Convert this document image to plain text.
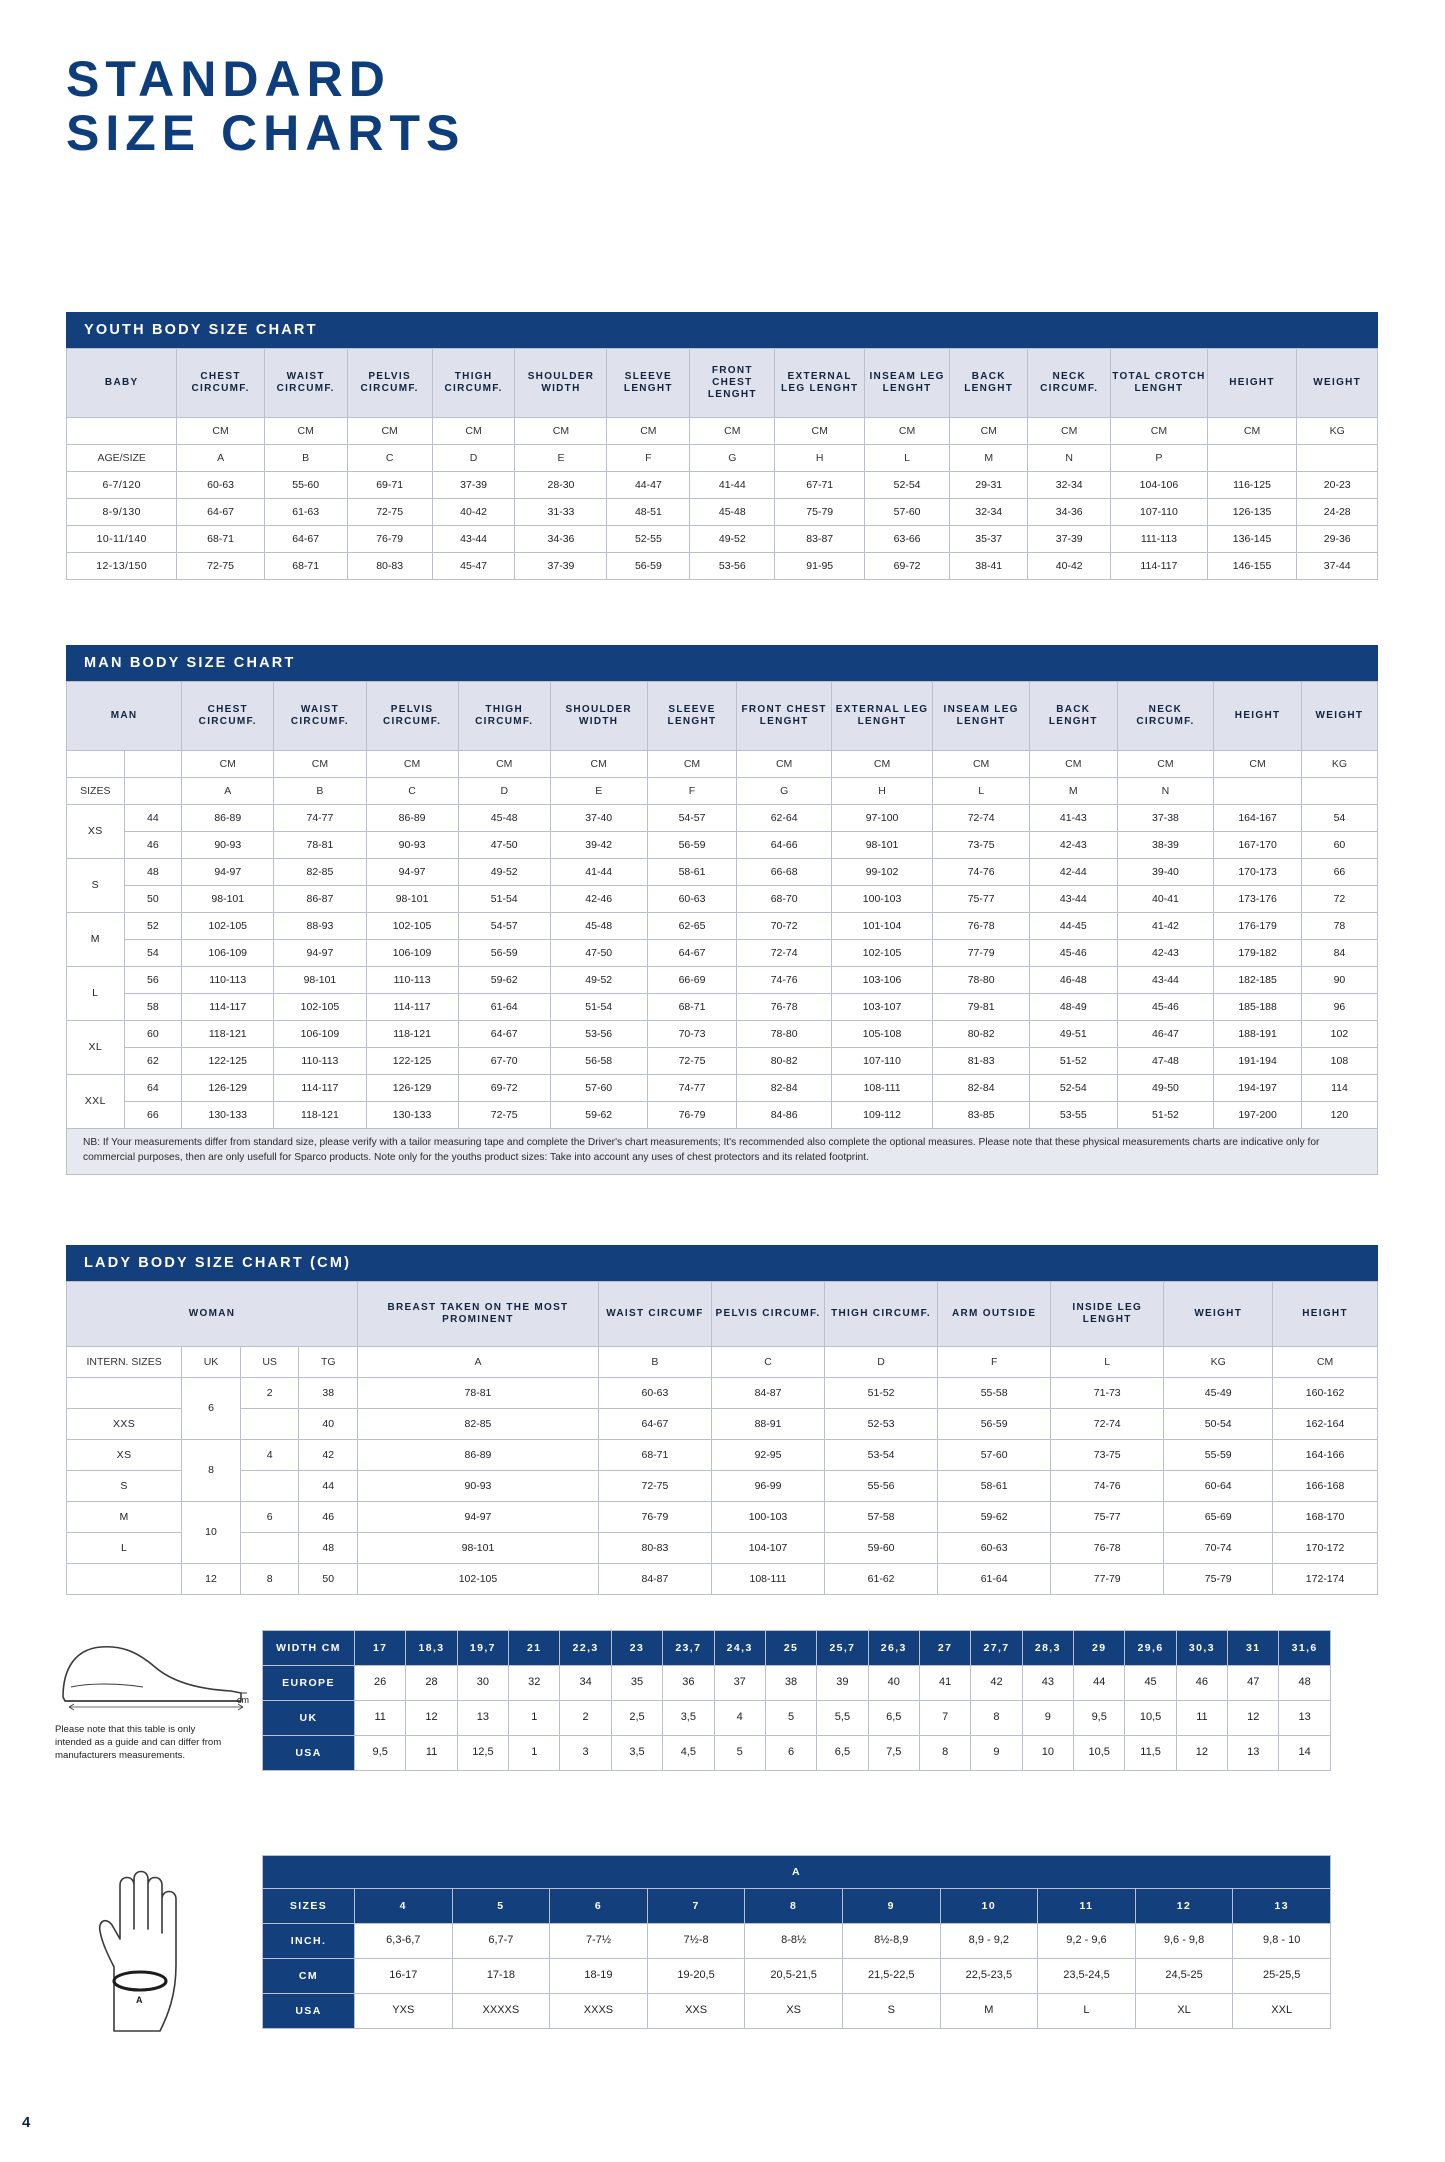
STANDARD
SIZE CHARTS
YOUTH BODY SIZE CHART
BABY	CHEST CIRCUMF.	WAIST CIRCUMF.	PELVIS CIRCUMF.	THIGH CIRCUMF.	SHOULDER WIDTH	SLEEVE LENGHT	FRONT CHEST LENGHT	EXTERNAL LEG LENGHT	INSEAM LEG LENGHT	BACK LENGHT	NECK CIRCUMF.	TOTAL CROTCH LENGHT	HEIGHT	WEIGHT
	CM	CM	CM	CM	CM	CM	CM	CM	CM	CM	CM	CM	CM	KG
AGE/SIZE	A	B	C	D	E	F	G	H	L	M	N	P		
6-7/120	60-63	55-60	69-71	37-39	28-30	44-47	41-44	67-71	52-54	29-31	32-34	104-106	116-125	20-23
8-9/130	64-67	61-63	72-75	40-42	31-33	48-51	45-48	75-79	57-60	32-34	34-36	107-110	126-135	24-28
10-11/140	68-71	64-67	76-79	43-44	34-36	52-55	49-52	83-87	63-66	35-37	37-39	111-113	136-145	29-36
12-13/150	72-75	68-71	80-83	45-47	37-39	56-59	53-56	91-95	69-72	38-41	40-42	114-117	146-155	37-44
MAN BODY SIZE CHART
MAN		CHEST CIRCUMF.	WAIST CIRCUMF.	PELVIS CIRCUMF.	THIGH CIRCUMF.	SHOULDER WIDTH	SLEEVE LENGHT	FRONT CHEST LENGHT	EXTERNAL LEG LENGHT	INSEAM LEG LENGHT	BACK LENGHT	NECK CIRCUMF.	HEIGHT	WEIGHT
		CM	CM	CM	CM	CM	CM	CM	CM	CM	CM	CM	CM	KG
SIZES		A	B	C	D	E	F	G	H	L	M	N		
XS	44	86-89	74-77	86-89	45-48	37-40	54-57	62-64	97-100	72-74	41-43	37-38	164-167	54
	46	90-93	78-81	90-93	47-50	39-42	56-59	64-66	98-101	73-75	42-43	38-39	167-170	60
S	48	94-97	82-85	94-97	49-52	41-44	58-61	66-68	99-102	74-76	42-44	39-40	170-173	66
	50	98-101	86-87	98-101	51-54	42-46	60-63	68-70	100-103	75-77	43-44	40-41	173-176	72
M	52	102-105	88-93	102-105	54-57	45-48	62-65	70-72	101-104	76-78	44-45	41-42	176-179	78
	54	106-109	94-97	106-109	56-59	47-50	64-67	72-74	102-105	77-79	45-46	42-43	179-182	84
L	56	110-113	98-101	110-113	59-62	49-52	66-69	74-76	103-106	78-80	46-48	43-44	182-185	90
	58	114-117	102-105	114-117	61-64	51-54	68-71	76-78	103-107	79-81	48-49	45-46	185-188	96
XL	60	118-121	106-109	118-121	64-67	53-56	70-73	78-80	105-108	80-82	49-51	46-47	188-191	102
	62	122-125	110-113	122-125	67-70	56-58	72-75	80-82	107-110	81-83	51-52	47-48	191-194	108
XXL	64	126-129	114-117	126-129	69-72	57-60	74-77	82-84	108-111	82-84	52-54	49-50	194-197	114
	66	130-133	118-121	130-133	72-75	59-62	76-79	84-86	109-112	83-85	53-55	51-52	197-200	120
NB: If Your measurements differ from standard size, please verify with a tailor measuring tape and complete the Driver's chart measurements; It's recommended also complete the optional measures. Please note that these physical measurements charts are indicative only for commercial purposes, then are only usefull for Sparco products. Note only for the youths product sizes: Take into account any uses of chest protectors and its related footprint.
LADY BODY SIZE CHART (CM)
WOMAN				BREAST TAKEN ON THE MOST PROMINENT	WAIST CIRCUMF	PELVIS CIRCUMF.	THIGH CIRCUMF.	ARM OUTSIDE	INSIDE LEG LENGHT	WEIGHT	HEIGHT
INTERN. SIZES	UK	US	TG	A	B	C	D	F	L	KG	CM
	6	2	38	78-81	60-63	84-87	51-52	55-58	71-73	45-49	160-162
XXS			40	82-85	64-67	88-91	52-53	56-59	72-74	50-54	162-164
XS	8	4	42	86-89	68-71	92-95	53-54	57-60	73-75	55-59	164-166
S			44	90-93	72-75	96-99	55-56	58-61	74-76	60-64	166-168
M	10	6	46	94-97	76-79	100-103	57-58	59-62	75-77	65-69	168-170
L			48	98-101	80-83	104-107	59-60	60-63	76-78	70-74	170-172
	12	8	50	102-105	84-87	108-111	61-62	61-64	77-79	75-79	172-174
cm
Please note that this table is only intended as a guide and can differ from manufacturers measurements.
WIDTH CM	17	18,3	19,7	21	22,3	23	23,7	24,3	25	25,7	26,3	27	27,7	28,3	29	29,6	30,3	31	31,6
EUROPE	26	28	30	32	34	35	36	37	38	39	40	41	42	43	44	45	46	47	48
UK	11	12	13	1	2	2,5	3,5	4	5	5,5	6,5	7	8	9	9,5	10,5	11	12	13
USA	9,5	11	12,5	1	3	3,5	4,5	5	6	6,5	7,5	8	9	10	10,5	11,5	12	13	14
A
A										
SIZES	4	5	6	7	8	9	10	11	12	13
INCH.	6,3-6,7	6,7-7	7-7½	7½-8	8-8½	8½-8,9	8,9 - 9,2	9,2 - 9,6	9,6 - 9,8	9,8 - 10
CM	16-17	17-18	18-19	19-20,5	20,5-21,5	21,5-22,5	22,5-23,5	23,5-24,5	24,5-25	25-25,5
USA	YXS	XXXXS	XXXS	XXS	XS	S	M	L	XL	XXL
4
